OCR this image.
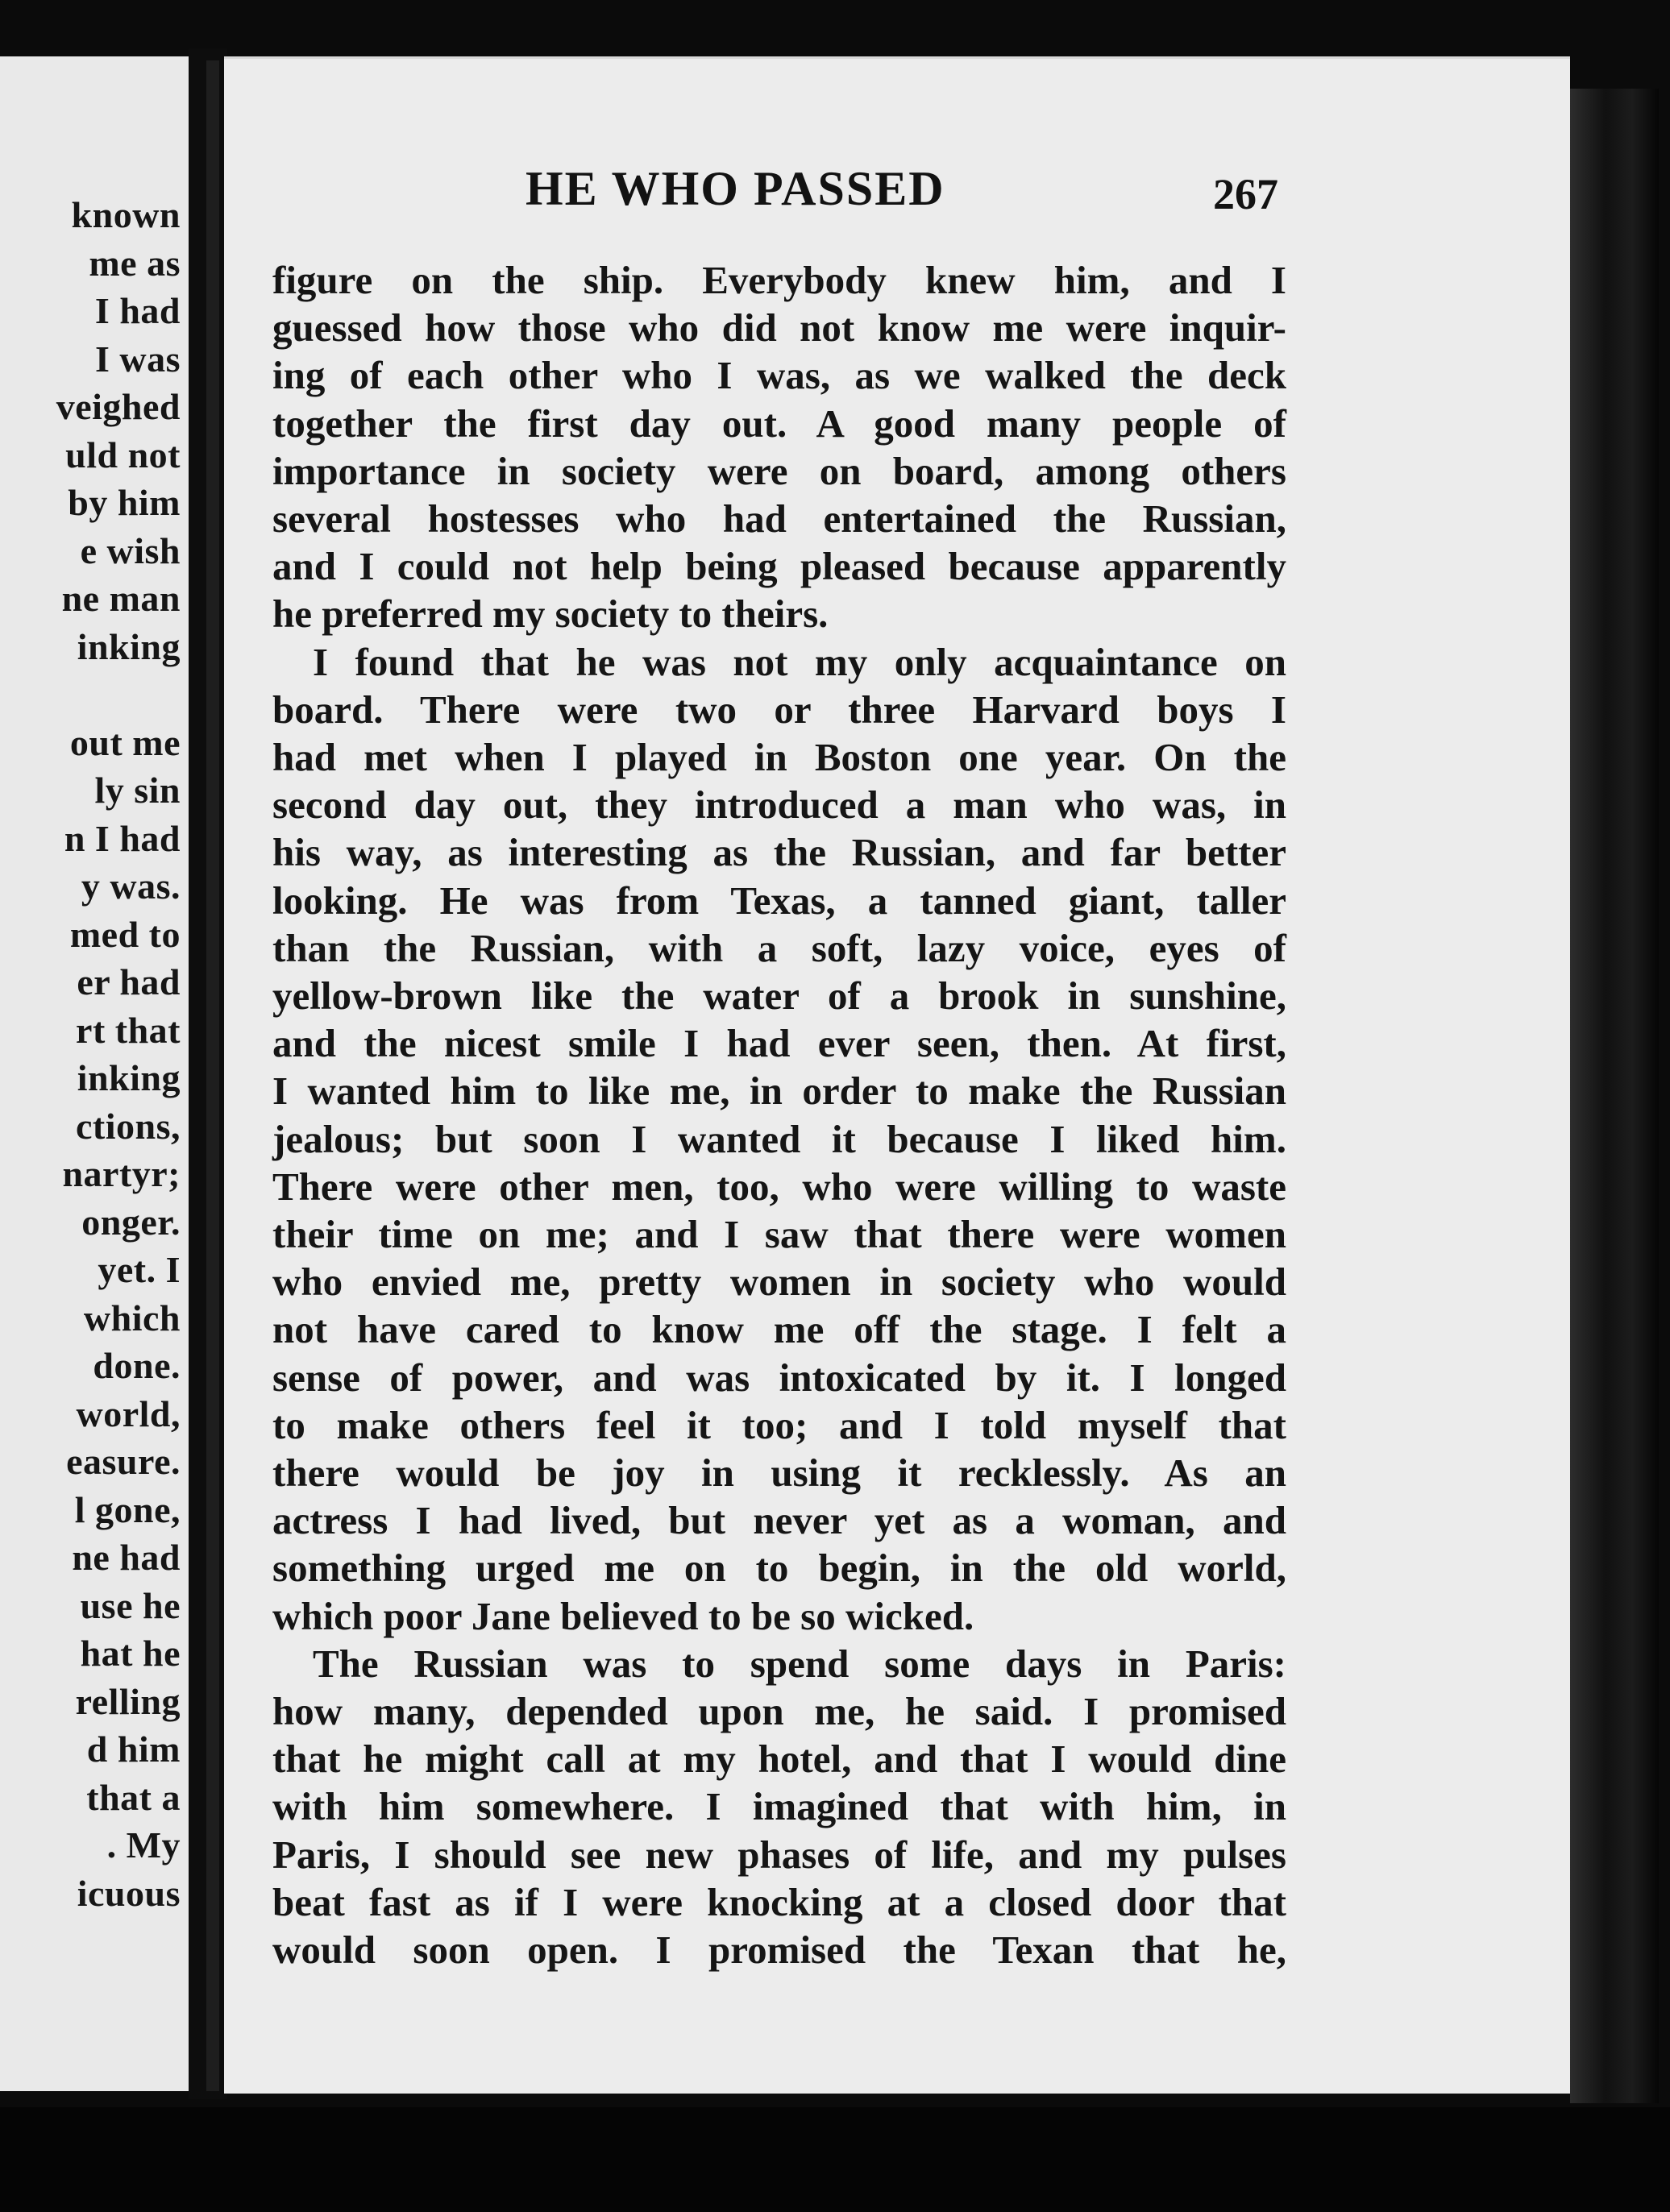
known
me as
I had
I was
veighed
uld not
by him
e wish
ne man
inking
out me
ly sin
n I had
y was.
med to
er had
rt that
inking
ctions,
nartyr;
onger.
yet. I
which
done.
world,
easure.
l gone,
ne had
use he
hat he
relling
d him
that a
. My
icuous
HE WHO PASSED	267
figure on the ship. Everybody knew him, and I
guessed how those who did not know me were inquir-
ing of each other who I was, as we walked the deck
together the first day out. A good many people of
importance in society were on board, among others
several hostesses who had entertained the Russian,
and I could not help being pleased because apparently
he preferred my society to theirs.
I found that he was not my only acquaintance on
board. There were two or three Harvard boys I
had met when I played in Boston one year. On the
second day out, they introduced a man who was, in
his way, as interesting as the Russian, and far better
looking. He was from Texas, a tanned giant, taller
than the Russian, with a soft, lazy voice, eyes of
yellow-brown like the water of a brook in sunshine,
and the nicest smile I had ever seen, then. At first,
I wanted him to like me, in order to make the Russian
jealous; but soon I wanted it because I liked him.
There were other men, too, who were willing to waste
their time on me; and I saw that there were women
who envied me, pretty women in society who would
not have cared to know me off the stage. I felt a
sense of power, and was intoxicated by it. I longed
to make others feel it too; and I told myself that
there would be joy in using it recklessly. As an
actress I had lived, but never yet as a woman, and
something urged me on to begin, in the old world,
which poor Jane believed to be so wicked.
The Russian was to spend some days in Paris:
how many, depended upon me, he said. I promised
that he might call at my hotel, and that I would dine
with him somewhere. I imagined that with him, in
Paris, I should see new phases of life, and my pulses
beat fast as if I were knocking at a closed door that
would soon open. I promised the Texan that he,
